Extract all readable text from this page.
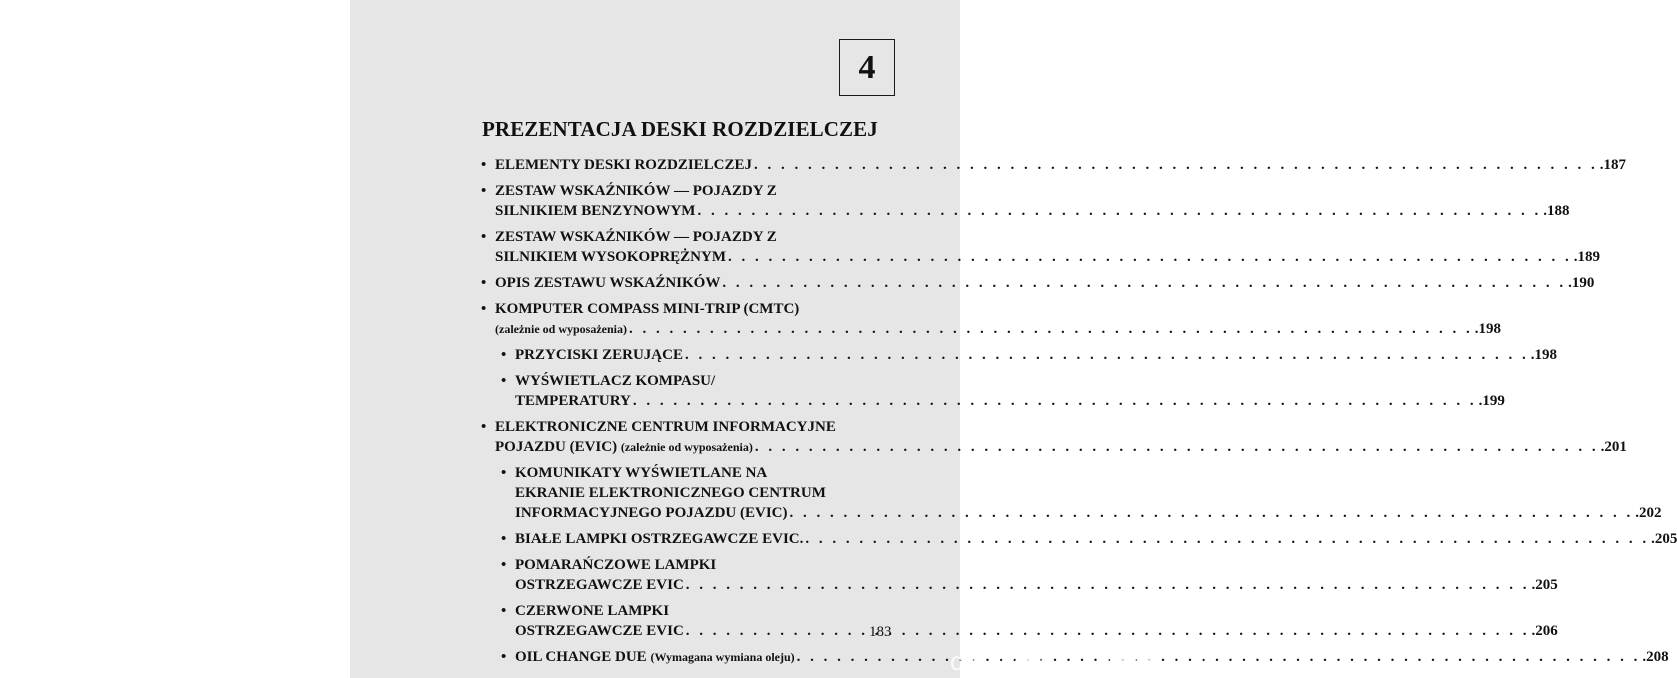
4
PREZENTACJA DESKI ROZDZIELCZEJ
• ELEMENTY DESKI ROZDZIELCZEJ . . .	.187
• ZESTAW WSKAŹNIKÓW — POJAZDY Z
SILNIKIEM BENZYNOWYM . . .	.188
• ZESTAW WSKAŹNIKÓW — POJAZDY Z
SILNIKIEM WYSOKOPRĘŻNYM . . .	.189
• OPIS ZESTAWU WSKAŹNIKÓW . . .	.190
• KOMPUTER COMPASS MINI-TRIP (CMTC)
(zależnie od wyposażenia) . . .	.198
• PRZYCISKI ZERUJĄCE . . .	.198
• WYŚWIETLACZ KOMPASU/
TEMPERATURY . . .	.199
• ELEKTRONICZNE CENTRUM INFORMACYJNE
POJAZDU (EVIC)
(zależnie od wyposażenia) . . .	.201
• KOMUNIKATY WYŚWIETLANE NA
EKRANIE ELEKTRONICZNEGO CENTRUM
INFORMACYJNEGO POJAZDU (EVIC) . . .	.202
• BIAŁE LAMPKI OSTRZEGAWCZE EVIC. . . .	.205
• POMARAŃCZOWE LAMPKI
OSTRZEGAWCZE EVIC . . .	.205
• CZERWONE LAMPKI
OSTRZEGAWCZE EVIC . . .	.206
• OIL CHANGE DUE
(Wymagana wymiana oleju) . . .	.208
183
carmanualsonline.info
